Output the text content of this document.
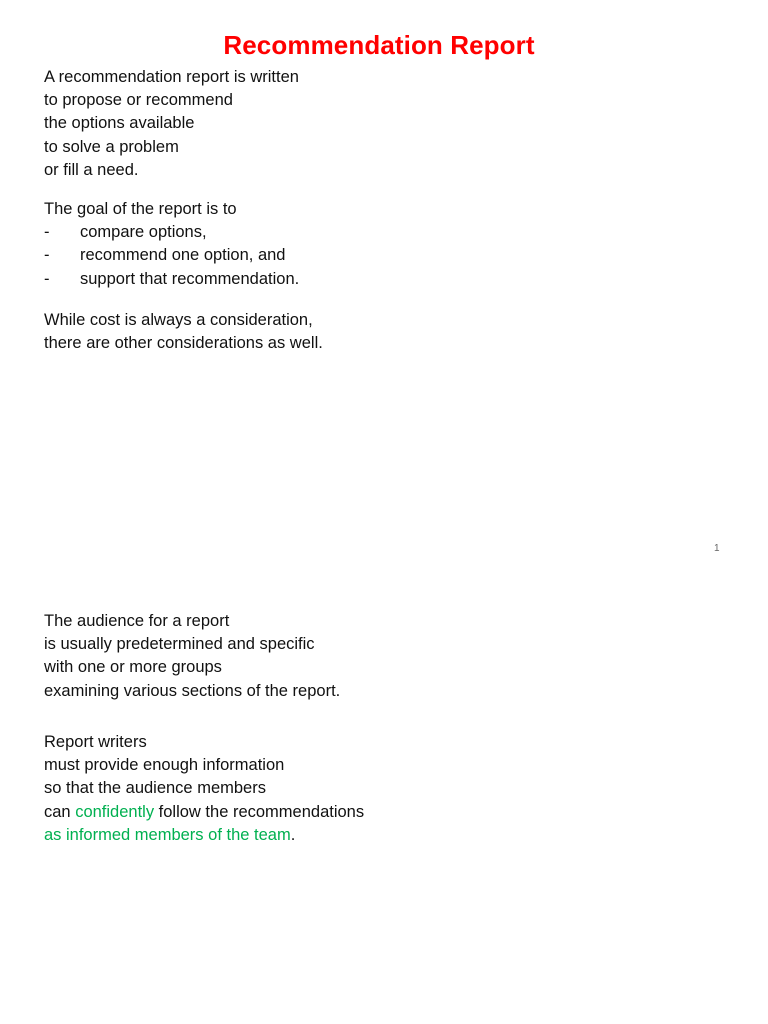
Recommendation Report
A recommendation report is written
to propose or recommend
the options available
to solve a problem
or fill a need.
The goal of the report is to
- compare options,
- recommend one option, and
- support that recommendation.
While cost is always a consideration,
there are other considerations as well.
1
The audience for a report
is usually predetermined and specific
with one or more groups
examining various sections of the report.
Report writers
must provide enough information
so that the audience members
can confidently follow the recommendations
as informed members of the team.
